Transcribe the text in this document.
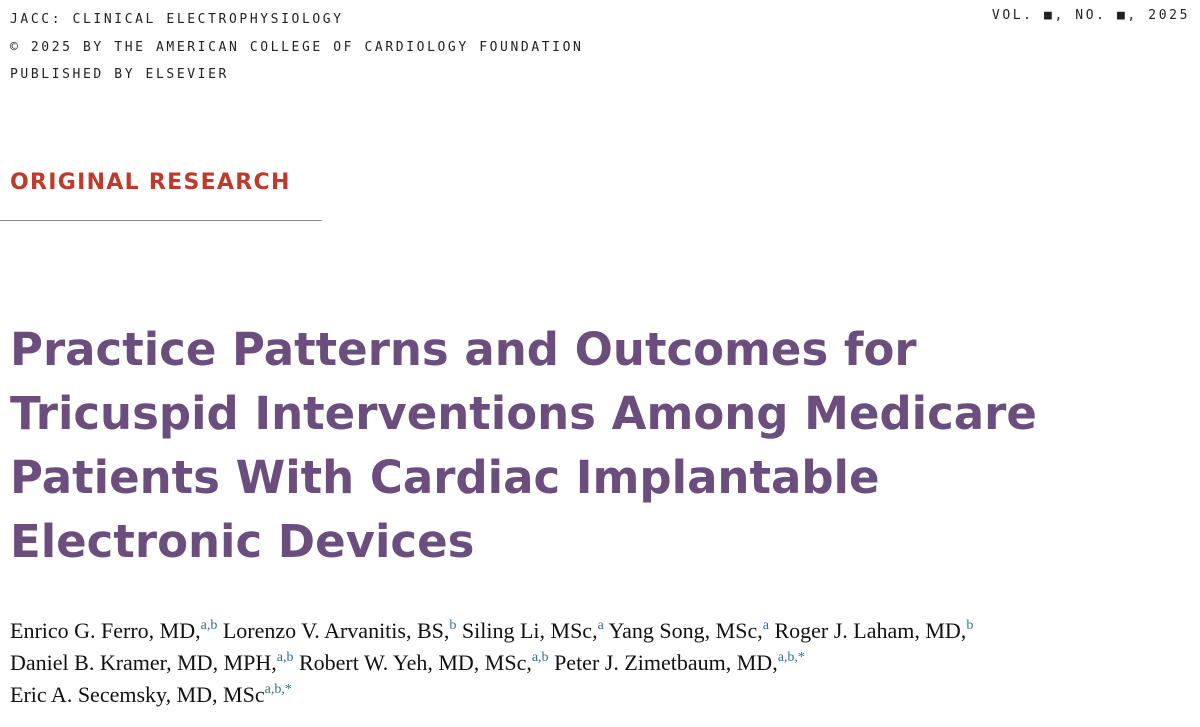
JACC: CLINICAL ELECTROPHYSIOLOGY
© 2025 BY THE AMERICAN COLLEGE OF CARDIOLOGY FOUNDATION
PUBLISHED BY ELSEVIER
VOL. ■, NO. ■, 2025
ORIGINAL RESEARCH
Practice Patterns and Outcomes for
Tricuspid Interventions Among Medicare
Patients With Cardiac Implantable
Electronic Devices
Enrico G. Ferro, MD,$^{a,b}$ Lorenzo V. Arvanitis, BS,$^b$ Siling Li, MSc,$^a$ Yang Song, MSc,$^a$ Roger J. Laham, MD,$^b$
Daniel B. Kramer, MD, MPH,$^{a,b}$ Robert W. Yeh, MD, MSc,$^{a,b}$ Peter J. Zimetbaum, MD,$^{a,b,*}$
Eric A. Secemsky, MD, MSc$^{a,b,*}$
